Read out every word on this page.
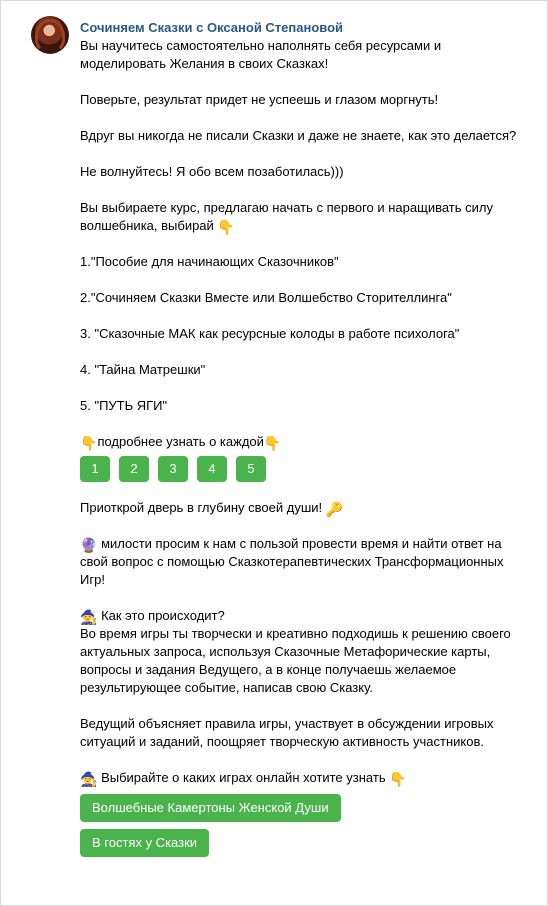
Сочиняем Сказки с Оксаной Степановой

Вы научитесь самостоятельно наполнять себя ресурсами и моделировать Желания в своих Сказках!

Поверьте, результат придет не успеешь и глазом моргнуть!

Вдруг вы никогда не писали Сказки и даже не знаете, как это делается?

Не волнуйтесь! Я обо всем позаботилась)))

Вы выбираете курс, предлагаю начать с первого и наращивать силу волшебника, выбирай 👇

1."Пособие для начинающих Сказочников"

2."Сочиняем Сказки Вместе или Волшебство Сторителлинга"

3. "Сказочные МАК как ресурсные колоды в работе психолога"

4. "Тайна Матрешки"

5. "ПУТЬ ЯГИ"

👇подробнее узнать о каждой👇

1	2	3	4	5

Приоткрой дверь в глубину своей души! 🔑

🔮 милости просим к нам с пользой провести время и найти ответ на свой вопрос с помощью Сказкотерапевтических Трансформационных Игр!

🧙 Как это происходит?

Во время игры ты творчески и креативно подходишь к решению своего актуальных запроса, используя Сказочные Метафорические карты, вопросы и задания Ведущего, а в конце получаешь желаемое результирующее событие, написав свою Сказку.

Ведущий объясняет правила игры, участвует в обсуждении игровых ситуаций и заданий, поощряет творческую активность участников.

🧙 Выбирайте о каких играх онлайн хотите узнать 👇

Волшебные Камертоны Женской Души
В гостях у Сказки
